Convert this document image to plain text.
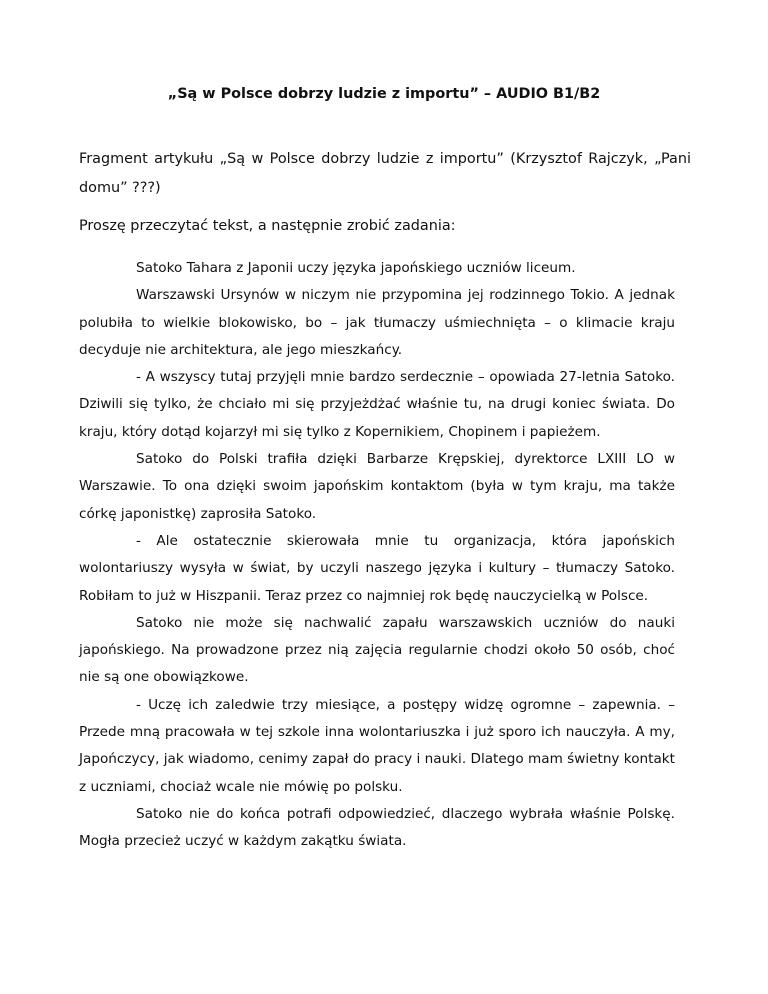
„Są w Polsce dobrzy ludzie z importu” – AUDIO B1/B2
Fragment artykułu „Są w Polsce dobrzy ludzie z importu” (Krzysztof Rajczyk, „Pani domu” ???)
Proszę przeczytać tekst, a następnie zrobić zadania:

Satoko Tahara z Japonii uczy języka japońskiego uczniów liceum.

Warszawski Ursynów w niczym nie przypomina jej rodzinnego Tokio. A jednak polubiła to wielkie blokowisko, bo – jak tłumaczy uśmiechnięta – o klimacie kraju decyduje nie architektura, ale jego mieszkańcy.

- A wszyscy tutaj przyjęli mnie bardzo serdecznie – opowiada 27-letnia Satoko. Dziwili się tylko, że chciało mi się przyjeżdżać właśnie tu, na drugi koniec świata. Do kraju, który dotąd kojarzył mi się tylko z Kopernikiem, Chopinem i papieżem.

Satoko do Polski trafiła dzięki Barbarze Krępskiej, dyrektorce LXIII LO w Warszawie. To ona dzięki swoim japońskim kontaktom (była w tym kraju, ma także córkę japonistkę) zaprosiła Satoko.

- Ale ostatecznie skierowała mnie tu organizacja, która japońskich wolontariuszy wysyła w świat, by uczyli naszego języka i kultury – tłumaczy Satoko. Robiłam to już w Hiszpanii. Teraz przez co najmniej rok będę nauczycielką w Polsce.

Satoko nie może się nachwalić zapału warszawskich uczniów do nauki japońskiego. Na prowadzone przez nią zajęcia regularnie chodzi około 50 osób, choć nie są one obowiązkowe.

- Uczę ich zaledwie trzy miesiące, a postępy widzę ogromne – zapewnia. – Przede mną pracowała w tej szkole inna wolontariuszka i już sporo ich nauczyła. A my, Japończycy, jak wiadomo, cenimy zapał do pracy i nauki. Dlatego mam świetny kontakt z uczniami, chociaż wcale nie mówię po polsku.

Satoko nie do końca potrafi odpowiedzieć, dlaczego wybrała właśnie Polskę. Mogła przecież uczyć w każdym zakątku świata.
